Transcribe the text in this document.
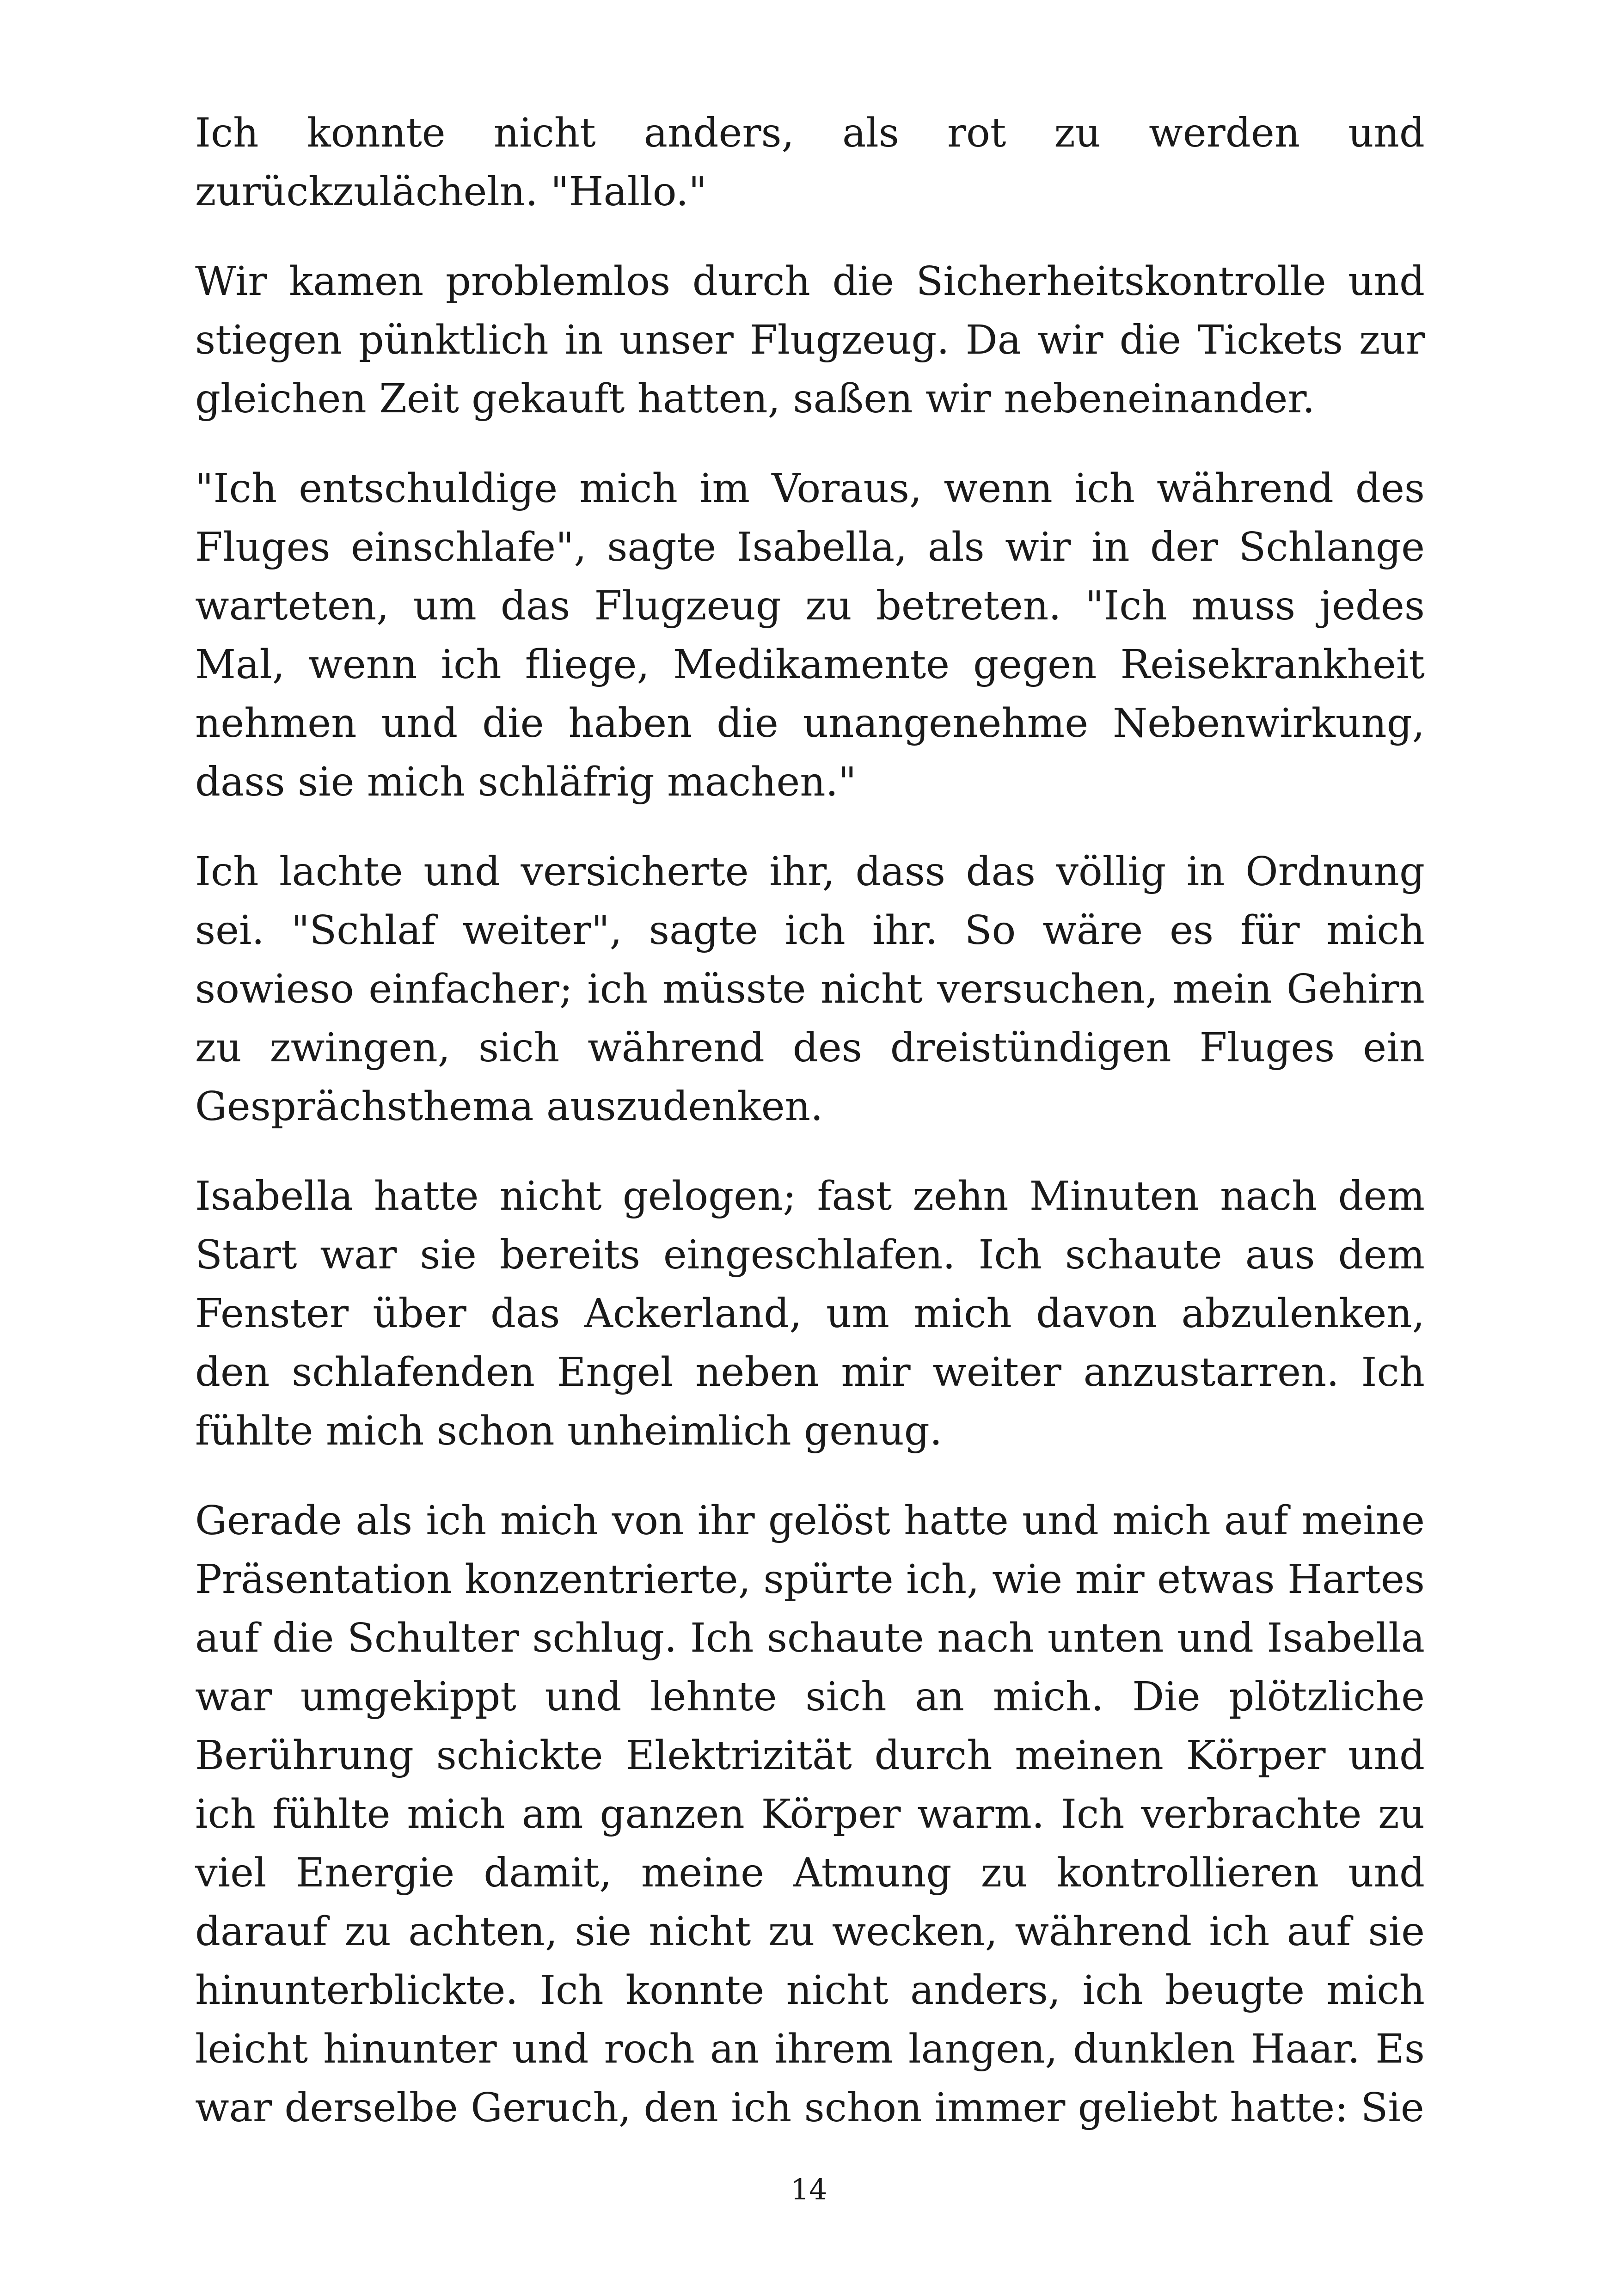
Ich konnte nicht anders, als rot zu werden und zurückzulächeln. "Hallo."

Wir kamen problemlos durch die Sicherheitskontrolle und stiegen pünktlich in unser Flugzeug. Da wir die Tickets zur gleichen Zeit gekauft hatten, saßen wir nebeneinander.

"Ich entschuldige mich im Voraus, wenn ich während des Fluges einschlafe", sagte Isabella, als wir in der Schlange warteten, um das Flugzeug zu betreten. "Ich muss jedes Mal, wenn ich fliege, Medikamente gegen Reisekrankheit nehmen und die haben die unangenehme Nebenwirkung, dass sie mich schläfrig machen."

Ich lachte und versicherte ihr, dass das völlig in Ordnung sei. "Schlaf weiter", sagte ich ihr. So wäre es für mich sowieso einfacher; ich müsste nicht versuchen, mein Gehirn zu zwingen, sich während des dreistündigen Fluges ein Gesprächsthema auszudenken.

Isabella hatte nicht gelogen; fast zehn Minuten nach dem Start war sie bereits eingeschlafen. Ich schaute aus dem Fenster über das Ackerland, um mich davon abzulenken, den schlafenden Engel neben mir weiter anzustarren. Ich fühlte mich schon unheimlich genug.

Gerade als ich mich von ihr gelöst hatte und mich auf meine Präsentation konzentrierte, spürte ich, wie mir etwas Hartes auf die Schulter schlug. Ich schaute nach unten und Isabella war umgekippt und lehnte sich an mich. Die plötzliche Berührung schickte Elektrizität durch meinen Körper und ich fühlte mich am ganzen Körper warm. Ich verbrachte zu viel Energie damit, meine Atmung zu kontrollieren und darauf zu achten, sie nicht zu wecken, während ich auf sie hinunterblickte. Ich konnte nicht anders, ich beugte mich leicht hinunter und roch an ihrem langen, dunklen Haar. Es war derselbe Geruch, den ich schon immer geliebt hatte: Sie

14
